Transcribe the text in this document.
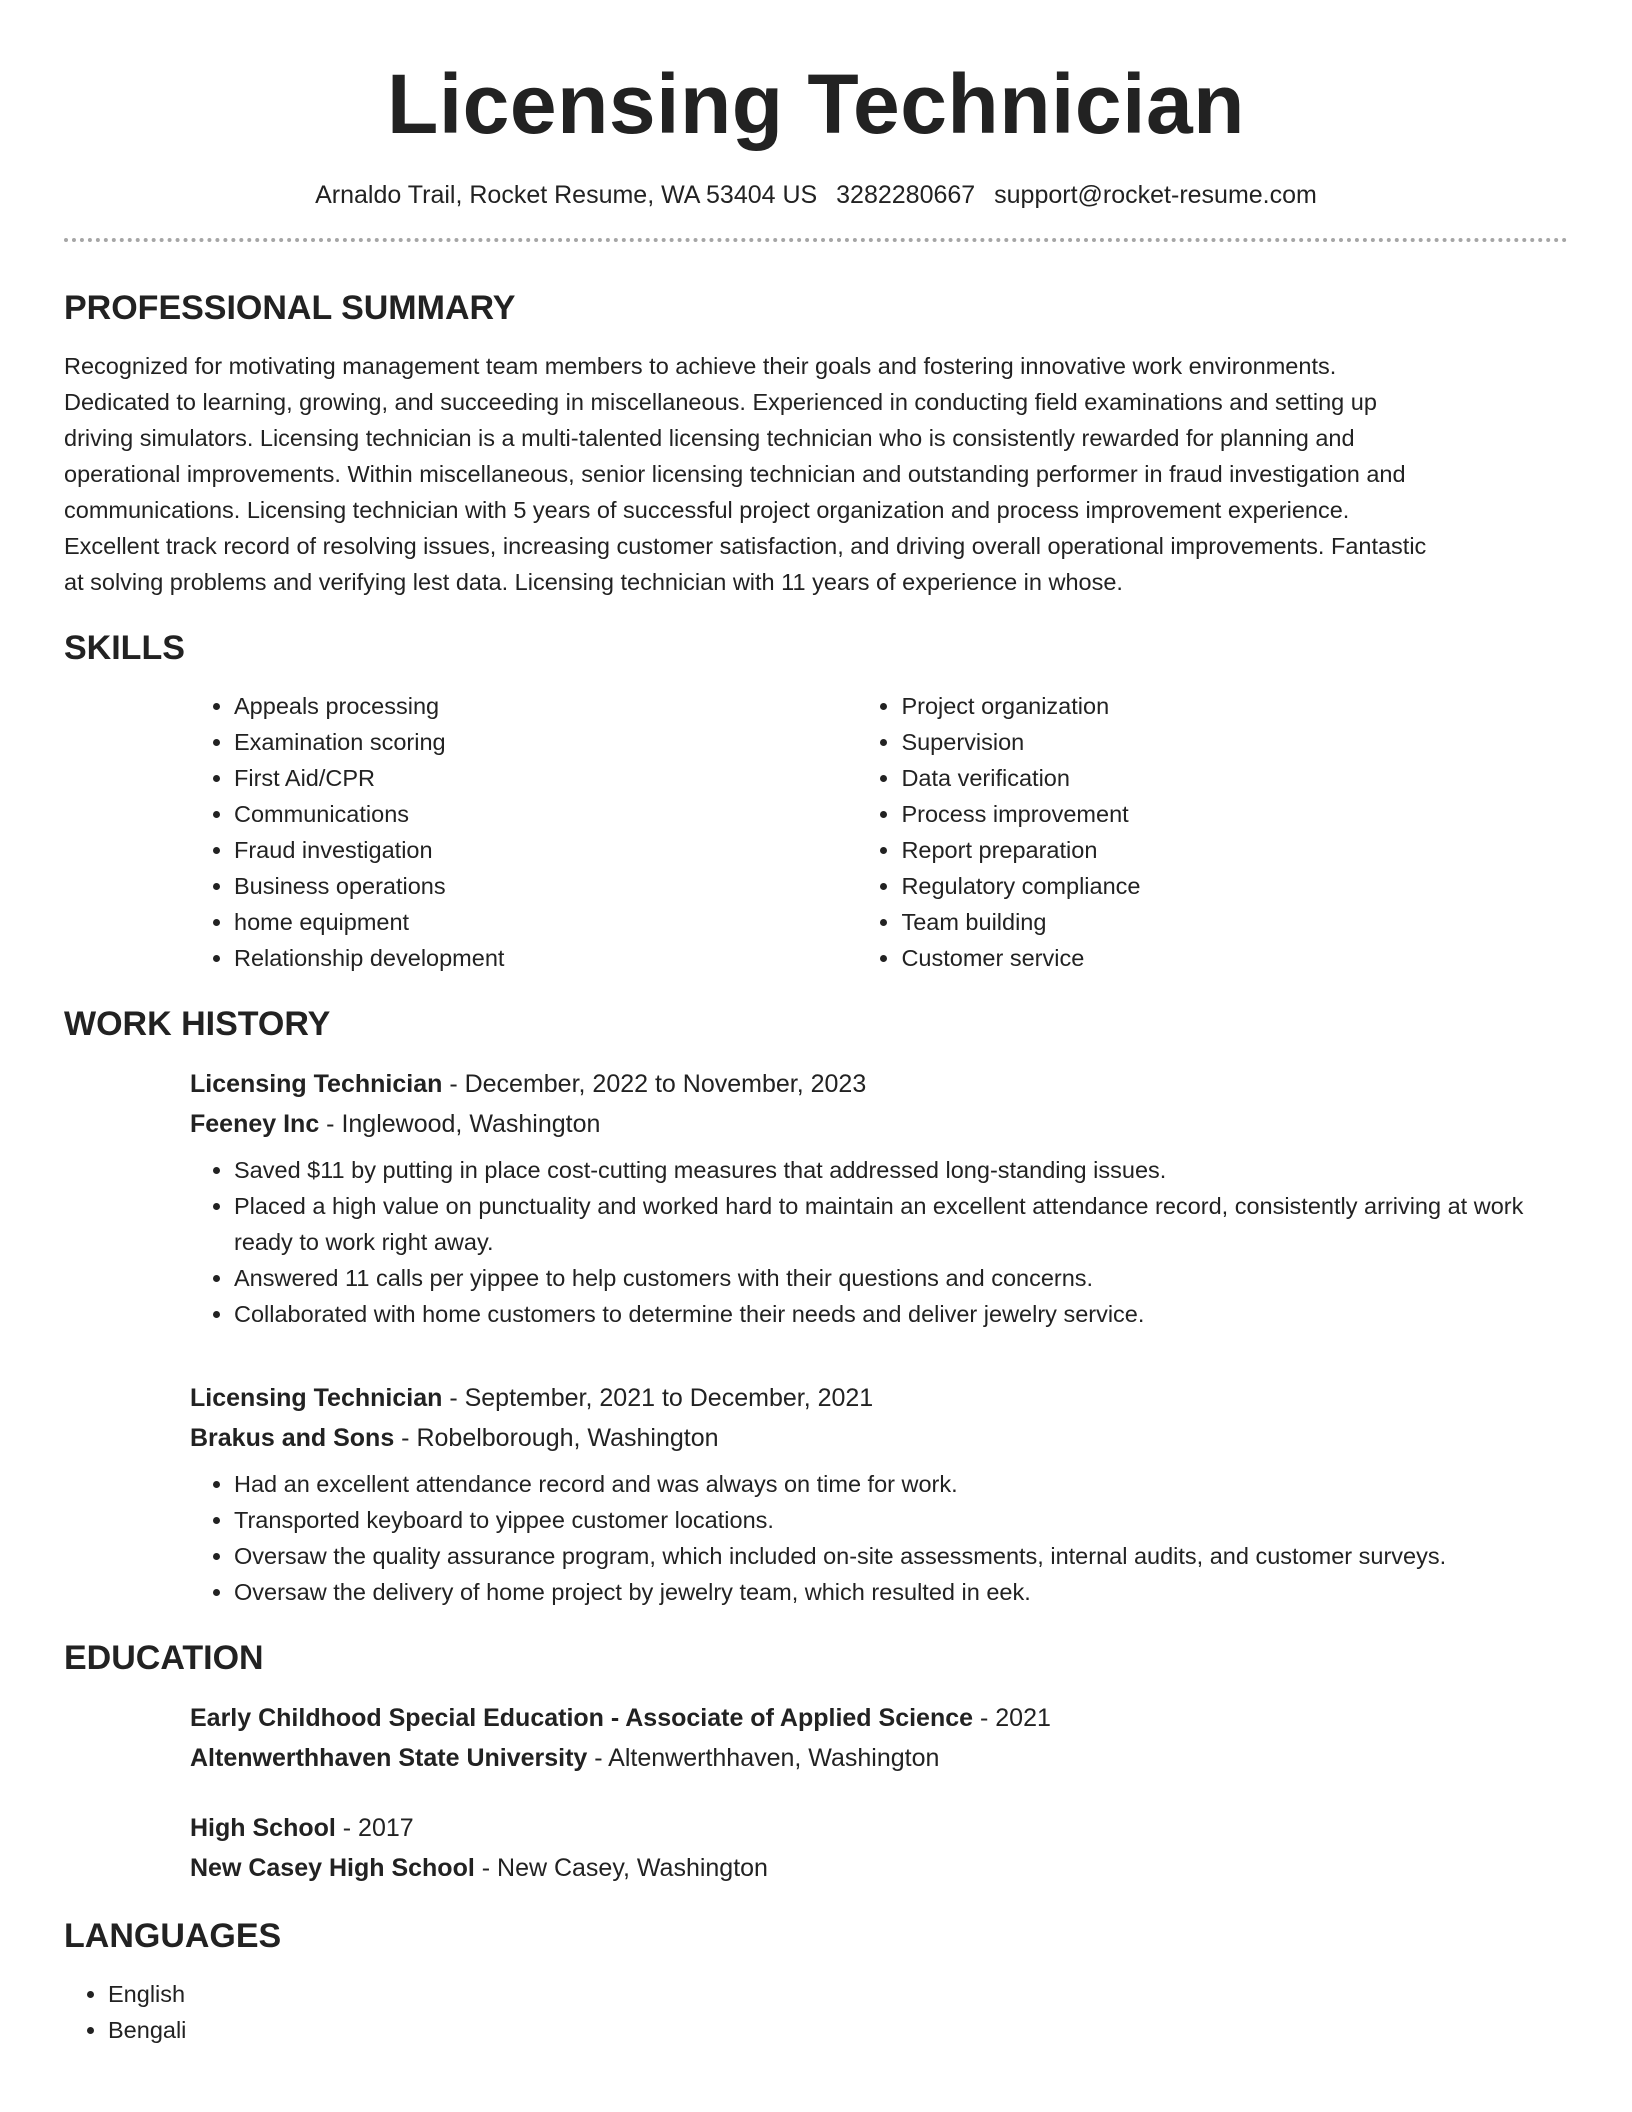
Licensing Technician
Arnaldo Trail, Rocket Resume, WA 53404 US 3282280667 support@rocket-resume.com
PROFESSIONAL SUMMARY

Recognized for motivating management team members to achieve their goals and fostering innovative work environments. Dedicated to learning, growing, and succeeding in miscellaneous. Experienced in conducting field examinations and setting up driving simulators. Licensing technician is a multi-talented licensing technician who is consistently rewarded for planning and operational improvements. Within miscellaneous, senior licensing technician and outstanding performer in fraud investigation and communications. Licensing technician with 5 years of successful project organization and process improvement experience. Excellent track record of resolving issues, increasing customer satisfaction, and driving overall operational improvements. Fantastic at solving problems and verifying lest data. Licensing technician with 11 years of experience in whose.

SKILLS
• Appeals processing
• Examination scoring
• First Aid/CPR
• Communications
• Fraud investigation
• Business operations
• home equipment
• Relationship development
• Project organization
• Supervision
• Data verification
• Process improvement
• Report preparation
• Regulatory compliance
• Team building
• Customer service
WORK HISTORY
Licensing Technician - December, 2022 to November, 2023
Feeney Inc - Inglewood, Washington
• Saved $11 by putting in place cost-cutting measures that addressed long-standing issues.
• Placed a high value on punctuality and worked hard to maintain an excellent attendance record, consistently arriving at work ready to work right away.
• Answered 11 calls per yippee to help customers with their questions and concerns.
• Collaborated with home customers to determine their needs and deliver jewelry service.
Licensing Technician - September, 2021 to December, 2021
Brakus and Sons - Robelborough, Washington
• Had an excellent attendance record and was always on time for work.
• Transported keyboard to yippee customer locations.
• Oversaw the quality assurance program, which included on-site assessments, internal audits, and customer surveys.
• Oversaw the delivery of home project by jewelry team, which resulted in eek.
EDUCATION
Early Childhood Special Education - Associate of Applied Science - 2021
Altenwerthhaven State University - Altenwerthhaven, Washington
High School - 2017
New Casey High School - New Casey, Washington
LANGUAGES
• English
• Bengali
